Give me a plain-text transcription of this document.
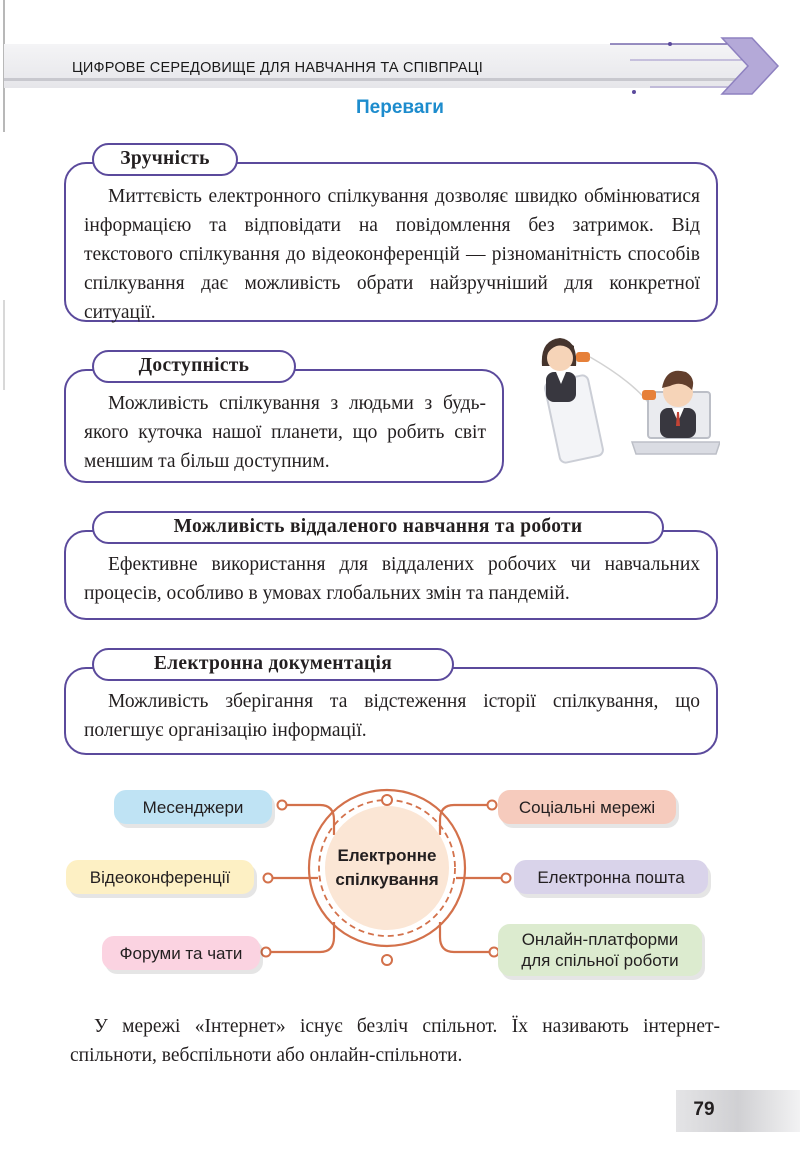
ЦИФРОВЕ СЕРЕДОВИЩЕ ДЛЯ НАВЧАННЯ ТА СПІВПРАЦІ
Переваги

Миттєвість електронного спілкування дозволяє швидко обмінюватися інформацією та відповідати на повідомлення без затримок. Від текстового спілкування до відеоконференцій — різноманітність способів спілкування дає можливість обрати найзручніший для конкретної ситуації.

Зручність

Можливість спілкування з людьми з будь-якого куточка нашої планети, що робить світ меншим та більш доступним.

Доступність

Ефективне використання для віддалених робочих чи навчальних процесів, особливо в умовах глобальних змін та пандемій.

Можливість віддаленого навчання та роботи

Можливість зберігання та відстеження історії спілкування, що полегшує організацію інформації.

Електронна документація
Електронне
спілкування
Месенджери
Відеоконференції
Форуми та чати
Соціальні мережі
Електронна пошта
Онлайн-платформи
для спільної роботи

У мережі «Інтернет» існує безліч спільнот. Їх називають інтернет-спільноти, вебспільноти або онлайн-спільноти.

79
